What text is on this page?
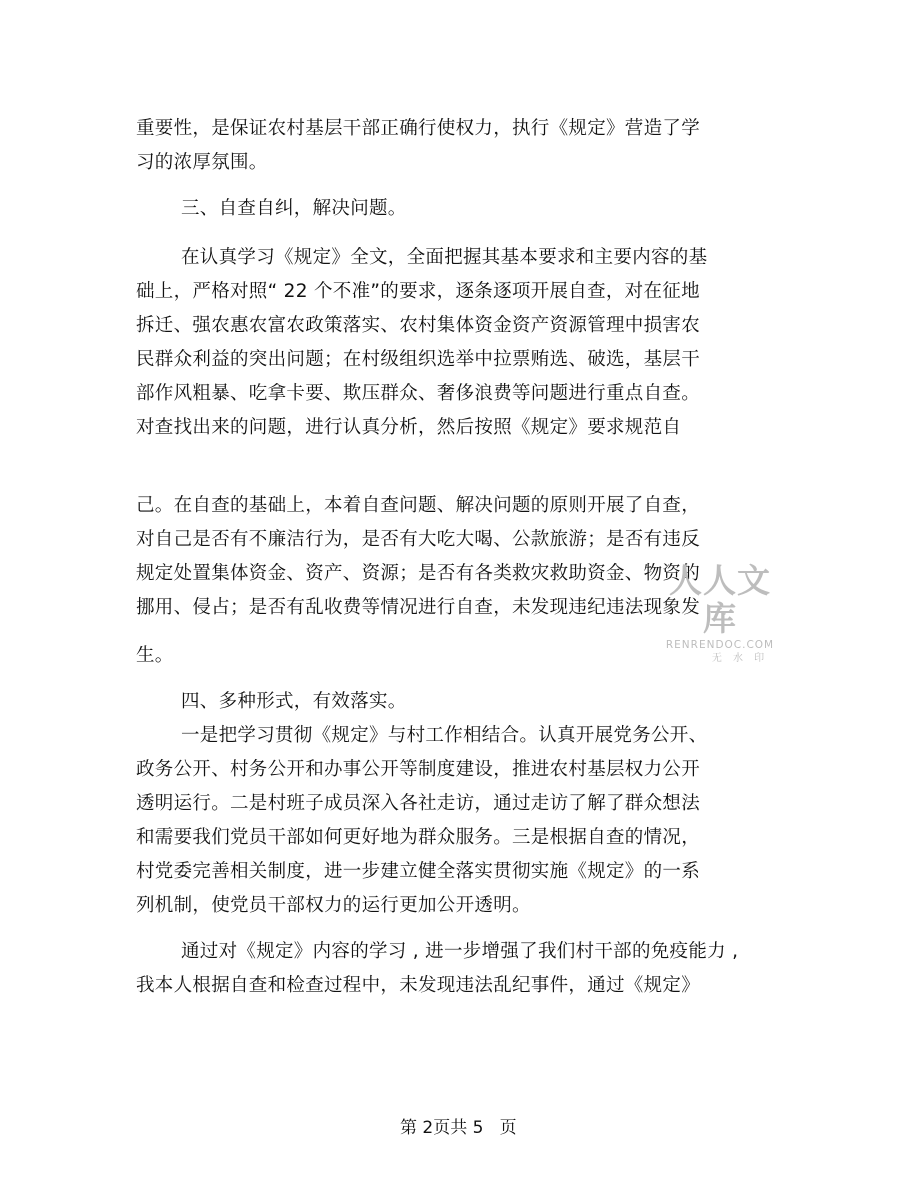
重要性，是保证农村基层干部正确行使权力，执行《规定》营造了学

习的浓厚氛围。

三、自查自纠，解决问题。

在认真学习《规定》全文，全面把握其基本要求和主要内容的基

础上，严格对照“ 22 个不准”的要求，逐条逐项开展自查，对在征地

拆迁、强农惠农富农政策落实、农村集体资金资产资源管理中损害农

民群众利益的突出问题；在村级组织选举中拉票贿选、破选，基层干

部作风粗暴、吃拿卡要、欺压群众、奢侈浪费等问题进行重点自查。

对查找出来的问题，进行认真分析，然后按照《规定》要求规范自

己。在自查的基础上，本着自查问题、解决问题的原则开展了自查，

对自己是否有不廉洁行为，是否有大吃大喝、公款旅游；是否有违反

规定处置集体资金、资产、资源；是否有各类救灾救助资金、物资的

挪用、侵占；是否有乱收费等情况进行自查，未发现违纪违法现象发

生。

四、多种形式，有效落实。

一是把学习贯彻《规定》与村工作相结合。认真开展党务公开、

政务公开、村务公开和办事公开等制度建设，推进农村基层权力公开

透明运行。二是村班子成员深入各社走访，通过走访了解了群众想法

和需要我们党员干部如何更好地为群众服务。三是根据自查的情况，

村党委完善相关制度，进一步建立健全落实贯彻实施《规定》的一系

列机制，使党员干部权力的运行更加公开透明。

通过对《规定》内容的学习 , 进一步增强了我们村干部的免疫能力 ,

我本人根据自查和检查过程中，未发现违法乱纪事件，通过《规定》

人人文库
RENRENDOC.COM
无 水 印

第 2页共 5   页
